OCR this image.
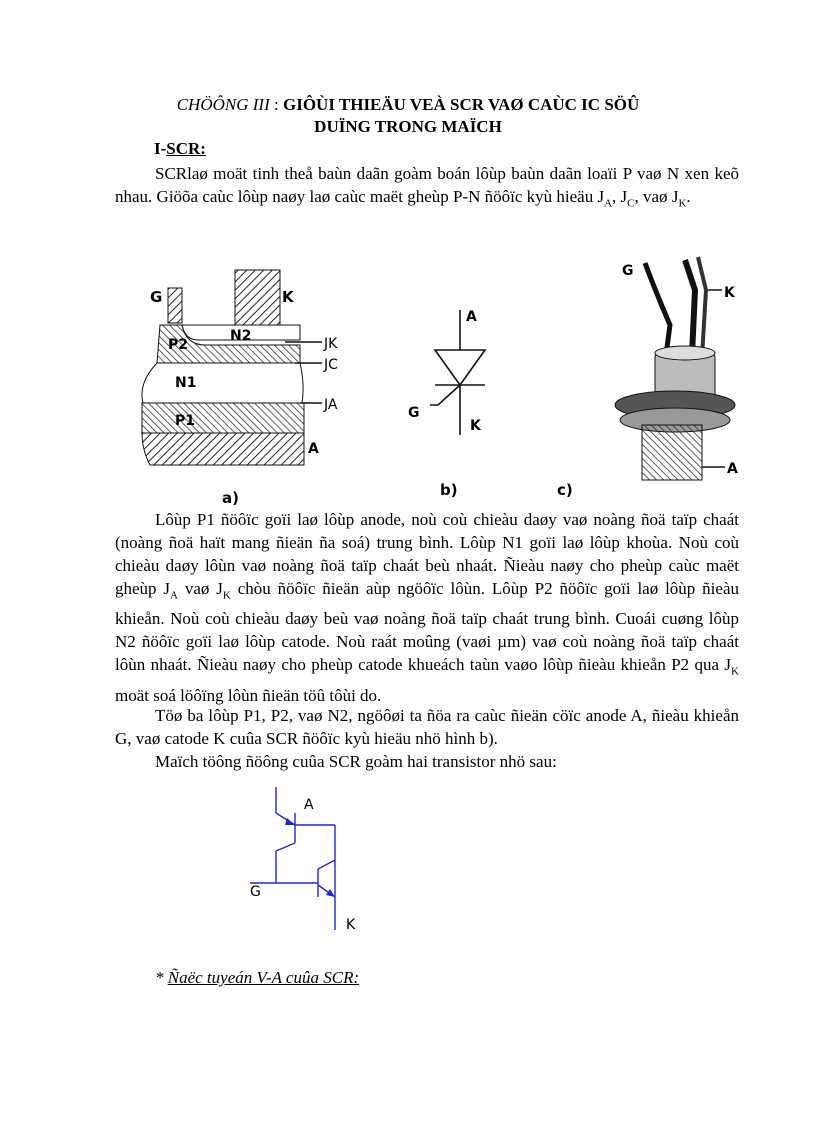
CHÖÔNG III : GIÔÙI THIEÄU VEÀ SCR VAØ CAÙC IC SÖÛ
DUÏNG TRONG MAÏCH
I-SCR:
SCRlaø moät tinh theå baùn daãn goàm boán lôùp baùn daãn loaïi P vaø N xen keõ nhau. Giöõa caùc lôùp naøy laø caùc maët gheùp P-N ñöôïc kyù hieäu $J_A$, $J_C$, vaø $J_K$.
G	K
N2
P2
N1
P1
A
JK
JC
JA
a)
A
G
K
b)
G
K
A
c)
Lôùp P1 ñöôïc goïi laø lôùp anode, noù coù chieàu daøy vaø noàng ñoä taïp chaát (noàng ñoä haït mang ñieän ña soá) trung bình. Lôùp N1 goïi laø lôùp khoùa. Noù coù chieàu daøy lôùn vaø noàng ñoä taïp chaát beù nhaát. Ñieàu naøy cho pheùp caùc maët gheùp $J_A$ vaø $J_K$ chòu ñöôïc ñieän aùp ngöôïc lôùn. Lôùp P2 ñöôïc goïi laø lôùp ñieàu khieån. Noù coù chieàu daøy beù vaø noàng ñoä taïp chaát trung bình. Cuoái cuøng lôùp N2 ñöôïc goïi laø lôùp catode. Noù raát moûng (vaøi µm) vaø coù noàng ñoä taïp chaát lôùn nhaát. Ñieàu naøy cho pheùp catode khueách taùn vaøo lôùp ñieàu khieån P2 qua $J_K$ moät soá löôïng lôùn ñieän töû tôùi do.
Töø ba lôùp P1, P2, vaø N2, ngöôøi ta ñöa ra caùc ñieän cöïc anode A, ñieàu khieån G, vaø catode K cuûa SCR ñöôïc kyù hieäu nhö hình b).
Maïch töông ñöông cuûa SCR goàm hai transistor nhö sau:
A
G
K
* Ñaëc tuyeán V-A cuûa SCR:
